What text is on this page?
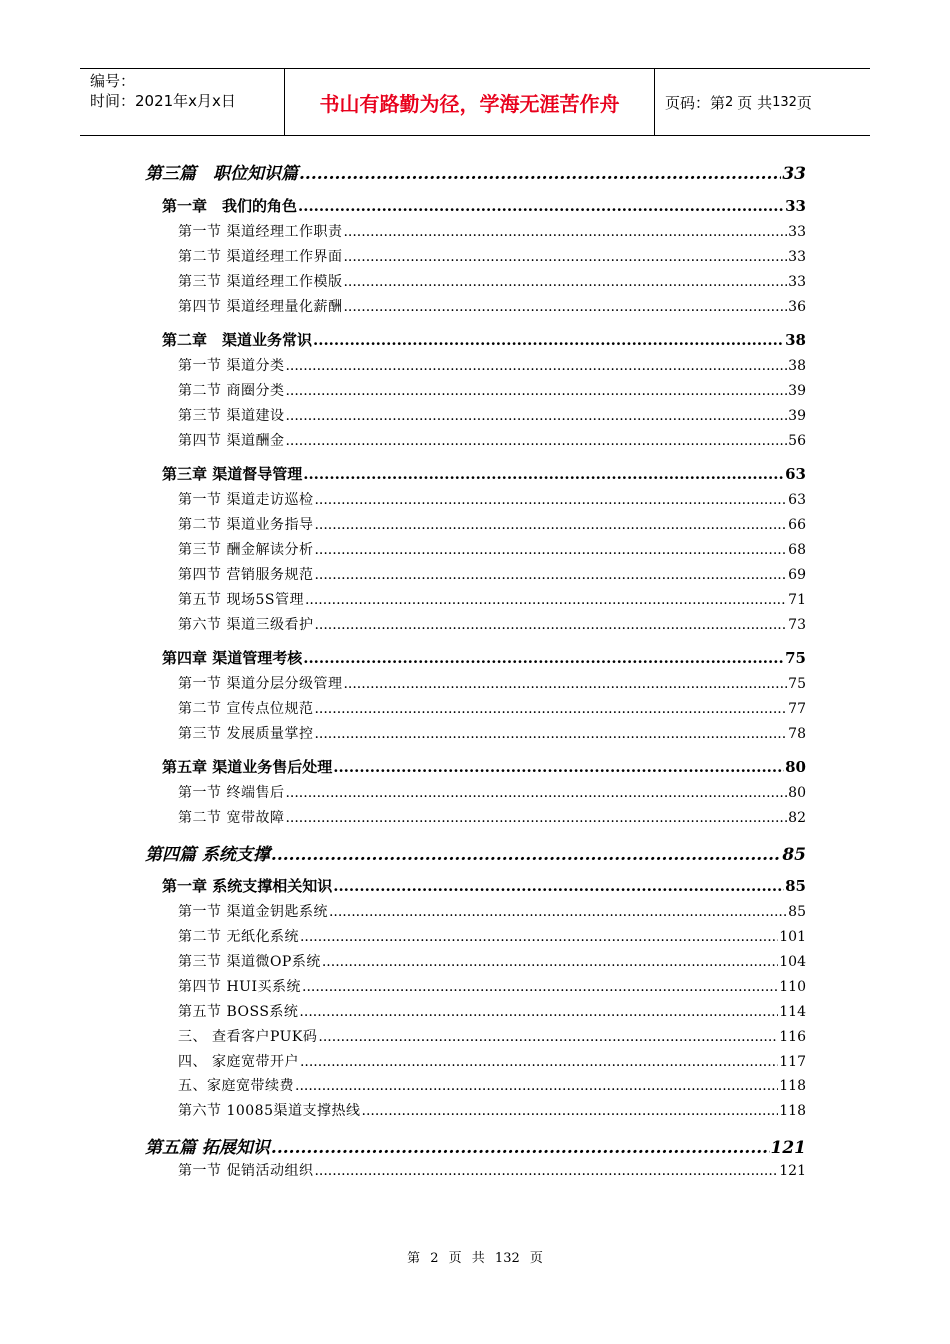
编号：
时间：2021年x月x日	书山有路勤为径，学海无涯苦作舟	页码：第 2 页 共 132 页
第三篇　职位知识篇 .....	33
第一章　我们的角色 .....	33
第一节 渠道经理工作职责 .....	33
第二节 渠道经理工作界面 .....	33
第三节 渠道经理工作模版 .....	33
第四节 渠道经理量化薪酬 .....	36
第二章　渠道业务常识 .....	38
第一节 渠道分类 .....	38
第二节 商圈分类 .....	39
第三节 渠道建设 .....	39
第四节 渠道酬金 .....	56
第三章 渠道督导管理 .....	63
第一节 渠道走访巡检 .....	63
第二节 渠道业务指导 .....	66
第三节 酬金解读分析 .....	68
第四节 营销服务规范 .....	69
第五节 现场5S管理 .....	71
第六节 渠道三级看护 .....	73
第四章 渠道管理考核 .....	75
第一节 渠道分层分级管理 .....	75
第二节 宣传点位规范 .....	77
第三节 发展质量掌控 .....	78
第五章 渠道业务售后处理 .....	80
第一节 终端售后 .....	80
第二节 宽带故障 .....	82
第四篇 系统支撑 .....	85
第一章 系统支撑相关知识 .....	85
第一节 渠道金钥匙系统 .....	85
第二节 无纸化系统 .....	101
第三节 渠道微OP系统 .....	104
第四节 HUI买系统 .....	110
第五节 BOSS系统 .....	114
三、 查看客户PUK码 .....	116
四、 家庭宽带开户 .....	117
五、家庭宽带续费 .....	118
第六节 10085渠道支撑热线 .....	118
第五篇 拓展知识 .....	121
第一节 促销活动组织 .....	121
第 2 页 共 132 页
